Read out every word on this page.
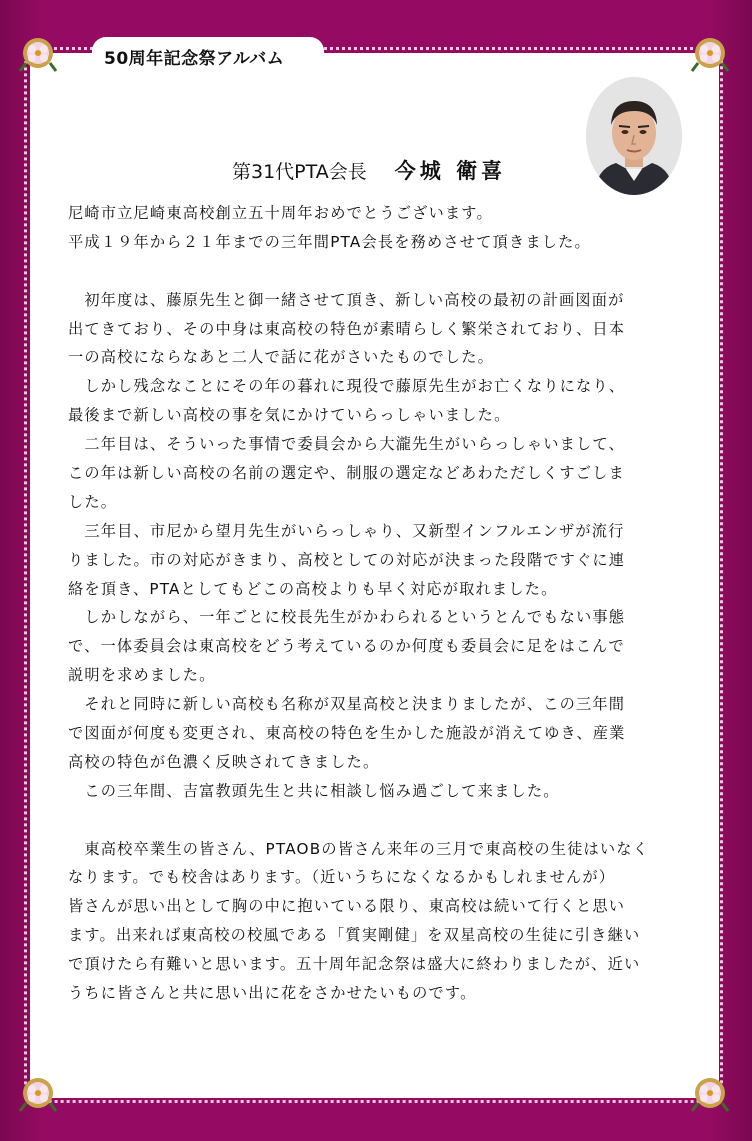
50周年記念祭アルバム
第31代PTA会長 今城 衛喜
尼崎市立尼崎東高校創立五十周年おめでとうございます。
平成１９年から２１年までの三年間PTA会長を務めさせて頂きました。
　初年度は、藤原先生と御一緒させて頂き、新しい高校の最初の計画図面が
出てきており、その中身は東高校の特色が素晴らしく繁栄されており、日本
一の高校にならなあと二人で話に花がさいたものでした。
　しかし残念なことにその年の暮れに現役で藤原先生がお亡くなりになり、
最後まで新しい高校の事を気にかけていらっしゃいました。
　二年目は、そういった事情で委員会から大瀧先生がいらっしゃいまして、
この年は新しい高校の名前の選定や、制服の選定などあわただしくすごしま
した。
　三年目、市尼から望月先生がいらっしゃり、又新型インフルエンザが流行
りました。市の対応がきまり、高校としての対応が決まった段階ですぐに連
絡を頂き、PTAとしてもどこの高校よりも早く対応が取れました。
　しかしながら、一年ごとに校長先生がかわられるというとんでもない事態
で、一体委員会は東高校をどう考えているのか何度も委員会に足をはこんで
説明を求めました。
　それと同時に新しい高校も名称が双星高校と決まりましたが、この三年間
で図面が何度も変更され、東高校の特色を生かした施設が消えてゆき、産業
高校の特色が色濃く反映されてきました。
　この三年間、吉富教頭先生と共に相談し悩み過ごして来ました。
　東高校卒業生の皆さん、PTAOBの皆さん来年の三月で東高校の生徒はいなく
なります。でも校舎はあります。（近いうちになくなるかもしれませんが）
皆さんが思い出として胸の中に抱いている限り、東高校は続いて行くと思い
ます。出来れば東高校の校風である「質実剛健」を双星高校の生徒に引き継い
で頂けたら有難いと思います。五十周年記念祭は盛大に終わりましたが、近い
うちに皆さんと共に思い出に花をさかせたいものです。
